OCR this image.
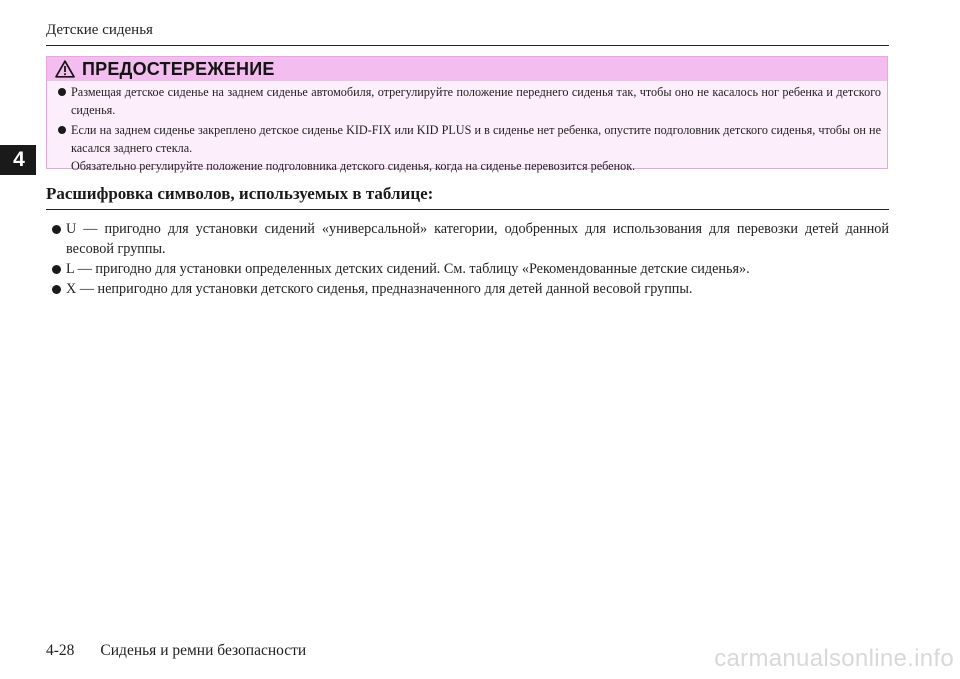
Детские сиденья
4
ПРЕДОСТЕРЕЖЕНИЕ

Размещая детское сиденье на заднем сиденье автомобиля, отрегулируйте положение переднего сиденья так, чтобы оно не касалось ног ребенка и детского сиденья.

Если на заднем сиденье закреплено детское сиденье KID-FIX или KID PLUS и в сиденье нет ребенка, опустите подголовник детского сиденья, чтобы он не касался заднего стекла.

Обязательно регулируйте положение подголовника детского сиденья, когда на сиденье перевозится ребенок.

Расшифровка символов, используемых в таблице:
U — пригодно для установки сидений «универсальной» категории, одобренных для использования для перевозки детей данной весовой группы.
L — пригодно для установки определенных детских сидений. См. таблицу «Рекомендованные детские сиденья».
X — непригодно для установки детского сиденья, предназначенного для детей данной весовой группы.
4-28 Сиденья и ремни безопасности	carmanualsonline.info
